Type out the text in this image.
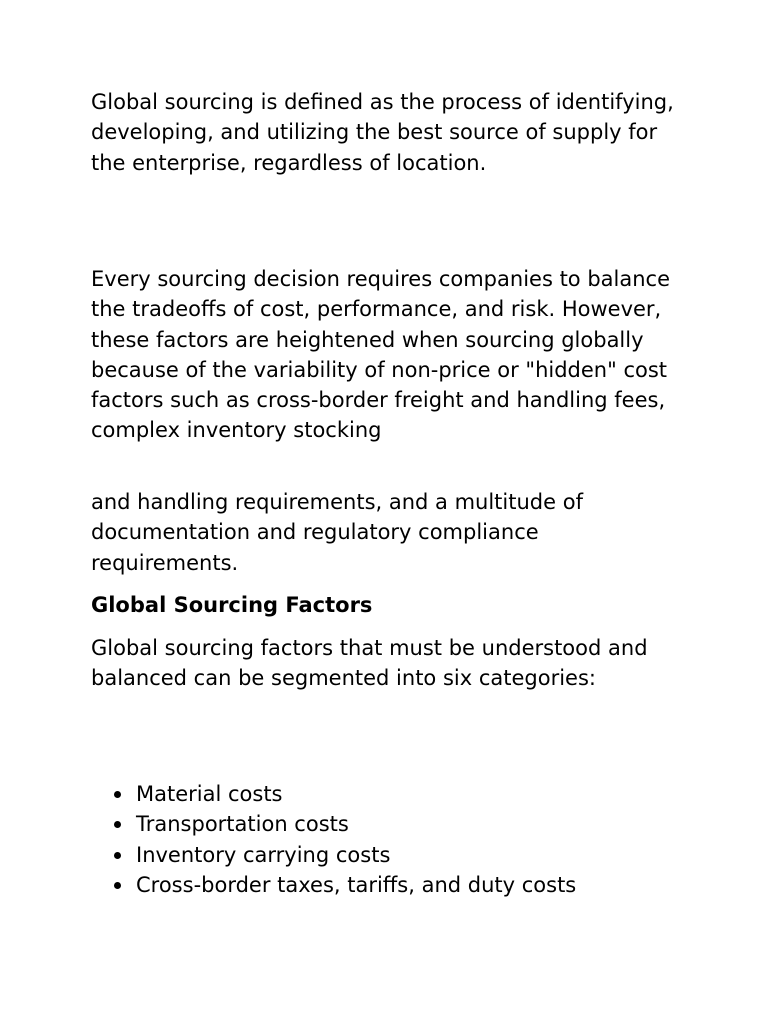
Global sourcing is defined as the process of identifying, developing, and utilizing the best source of supply for the enterprise, regardless of location.

Every sourcing decision requires companies to balance the tradeoffs of cost, performance, and risk. However, these factors are heightened when sourcing globally because of the variability of non-price or "hidden" cost factors such as cross-border freight and handling fees, complex inventory stocking

and handling requirements, and a multitude of documentation and regulatory compliance requirements.

Global Sourcing Factors

Global sourcing factors that must be understood and balanced can be segmented into six categories:

Material costs
Transportation costs
Inventory carrying costs
Cross-border taxes, tariffs, and duty costs
